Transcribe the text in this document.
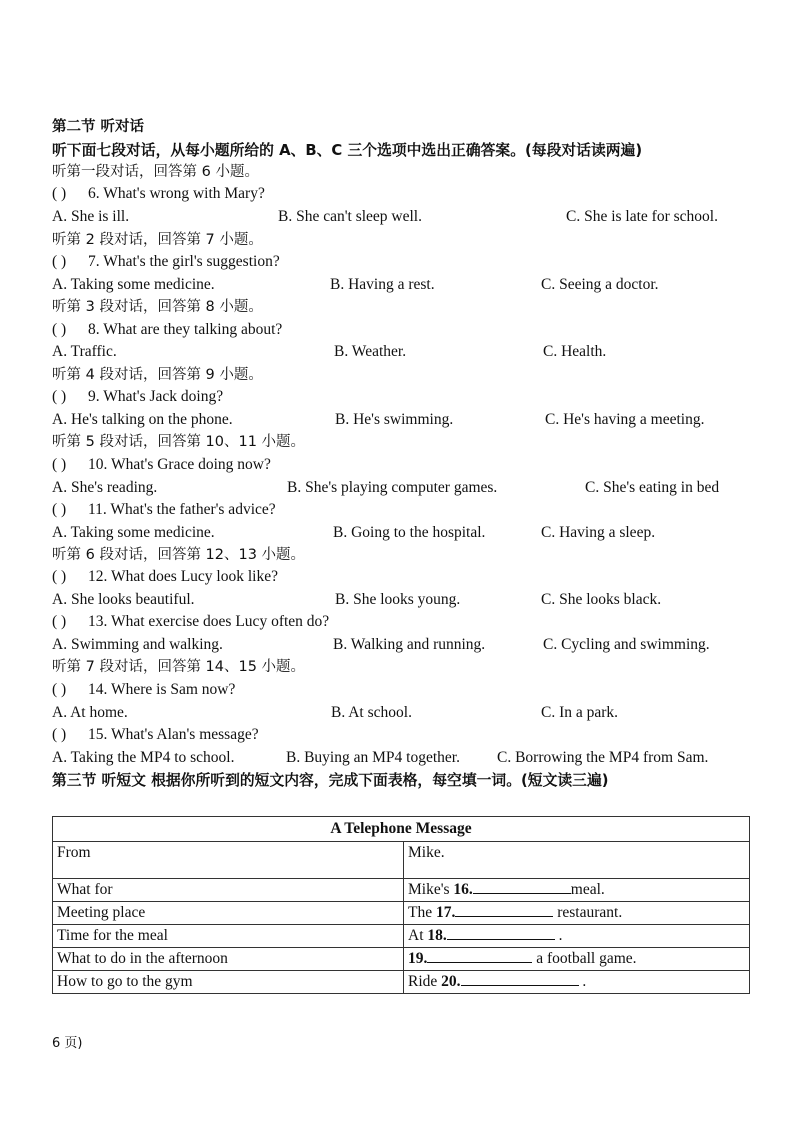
第二节 听对话
听下面七段对话，从每小题所给的 A、B、C 三个选项中选出正确答案。(每段对话读两遍)
听第一段对话，回答第 6 小题。
( ) 6. What's wrong with Mary?
A. She is ill.	B. She can't sleep well.	C. She is late for school.
听第 2 段对话，回答第 7 小题。
( ) 7. What's the girl's suggestion?
A. Taking some medicine.	B. Having a rest.	C. Seeing a doctor.
听第 3 段对话，回答第 8 小题。
( ) 8. What are they talking about?
A. Traffic.	B. Weather.	C. Health.
听第 4 段对话，回答第 9 小题。
( ) 9. What's Jack doing?
A. He's talking on the phone.	B. He's swimming.	C. He's having a meeting.
听第 5 段对话，回答第 10、11 小题。
( ) 10. What's Grace doing now?
A. She's reading.	B. She's playing computer games.	C. She's eating in bed
( ) 11. What's the father's advice?
A. Taking some medicine.	B. Going to the hospital.	C. Having a sleep.
听第 6 段对话，回答第 12、13 小题。
( ) 12. What does Lucy look like?
A. She looks beautiful.	B. She looks young.	C. She looks black.
( ) 13. What exercise does Lucy often do?
A. Swimming and walking.	B. Walking and running.	C. Cycling and swimming.
听第 7 段对话，回答第 14、15 小题。
( ) 14. Where is Sam now?
A. At home.	B. At school.	C. In a park.
( ) 15. What's Alan's message?
A. Taking the MP4 to school.	B. Buying an MP4 together. C. Borrowing the MP4 from Sam.
第三节 听短文 根据你所听到的短文内容，完成下面表格，每空填一词。(短文读三遍)
A Telephone Message	
From	Mike.
What for	Mike's 16. meal.
Meeting place	The 17. restaurant.
Time for the meal	At 18. .
What to do in the afternoon	19. a football game.
How to go to the gym	Ride 20. .
6 页)
